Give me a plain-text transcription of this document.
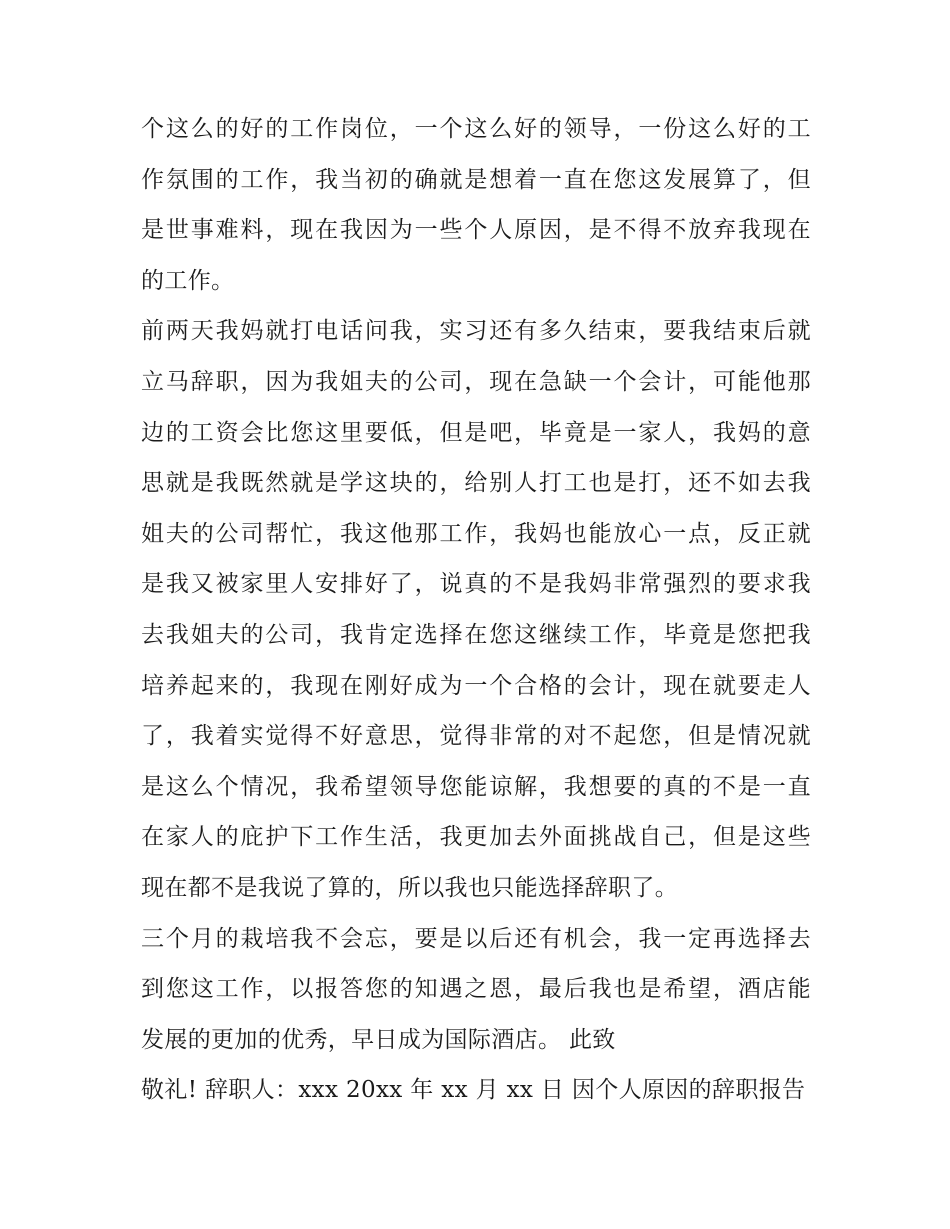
个这么的好的工作岗位，一个这么好的领导，一份这么好的工
作氛围的工作，我当初的确就是想着一直在您这发展算了，但
是世事难料，现在我因为一些个人原因，是不得不放弃我现在
的工作。

前两天我妈就打电话问我，实习还有多久结束，要我结束后就
立马辞职，因为我姐夫的公司，现在急缺一个会计，可能他那
边的工资会比您这里要低，但是吧，毕竟是一家人，我妈的意
思就是我既然就是学这块的，给别人打工也是打，还不如去我
姐夫的公司帮忙，我这他那工作，我妈也能放心一点，反正就
是我又被家里人安排好了，说真的不是我妈非常强烈的要求我
去我姐夫的公司，我肯定选择在您这继续工作，毕竟是您把我
培养起来的，我现在刚好成为一个合格的会计，现在就要走人
了，我着实觉得不好意思，觉得非常的对不起您，但是情况就
是这么个情况，我希望领导您能谅解，我想要的真的不是一直
在家人的庇护下工作生活，我更加去外面挑战自己，但是这些
现在都不是我说了算的，所以我也只能选择辞职了。

三个月的栽培我不会忘，要是以后还有机会，我一定再选择去
到您这工作，以报答您的知遇之恩，最后我也是希望，酒店能
发展的更加的优秀，早日成为国际酒店。 此致

敬礼! 辞职人：xxx 20xx 年 xx 月 xx 日 因个人原因的辞职报告
